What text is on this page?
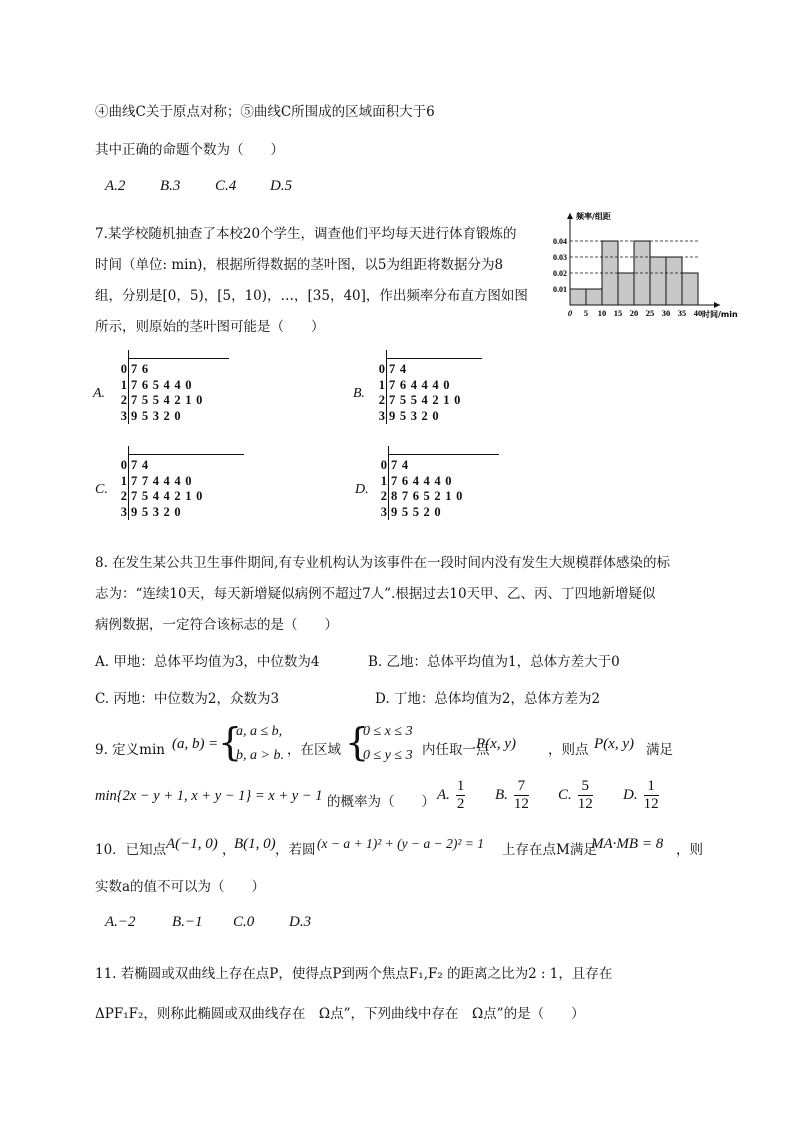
④曲线C关于原点对称；⑤曲线C所围成的区域面积大于6
其中正确的命题个数为（　　）
A.2 B.3 C.4 D.5
7.某学校随机抽查了本校20个学生，调查他们平均每天进行体育锻炼的
时间（单位: min)，根据所得数据的茎叶图，以5为组距将数据分为8
组，分别是[0，5)，[5，10)，…，[35，40]，作出频率分布直方图如图
所示，则原始的茎叶图可能是（　　）
0.01
0.02
0.03
0.04
0 5 10 15 20 25 30 35 40 时间/min
频率/组距
A.
0 76
1 765440
2 7554210
3 95320
B.
0 74
1 764440
2 7554210
3 95320
C.
0 74
1 774440
2 7544210
3 95320
D.
0 74
1 764440
2 8765210
3 95520
8. 在发生某公共卫生事件期间,有专业机构认为该事件在一段时间内没有发生大规模群体感染的标
志为：“连续10天，每天新增疑似病例不超过7人”.根据过去10天甲、乙、丙、丁四地新增疑似
病例数据，一定符合该标志的是（　　）
A. 甲地：总体平均值为3，中位数为4	B. 乙地：总体平均值为1，总体方差大于0
C. 丙地：中位数为2，众数为3	D. 丁地：总体均值为2，总体方差为2
9. 定义min (a, b) = {
a, a ≤ b,
b, a > b. ，在区域 {
0 ≤ x ≤ 3
0 ≤ y ≤ 3 内任取一点
P(x, y) ，则点 P(x, y) 满足
min{2x − y + 1, x + y − 1} = x + y − 1 的概率为（　　） A. $\frac{1}{2} B$. $\frac{7}{12} C$. $\frac{5}{12} D$. $\frac{1}{12}$
10．已知点 A(−1, 0) ，
B(1, 0) ，若圆 (x − a + 1)² + (y − a − 2)² = 1 上存在点M满足
MA·MB = 8 ，则
实数a的值不可以为（　　）
A.−2 B.−1 C.0 D.3
11. 若椭圆或双曲线上存在点P，使得点P到两个焦点F₁,F₂ 的距离之比为2 : 1，且存在
ΔPF₁F₂，则称此椭圆或双曲线存在　Ω点”，下列曲线中存在　Ω点”的是（　　）
